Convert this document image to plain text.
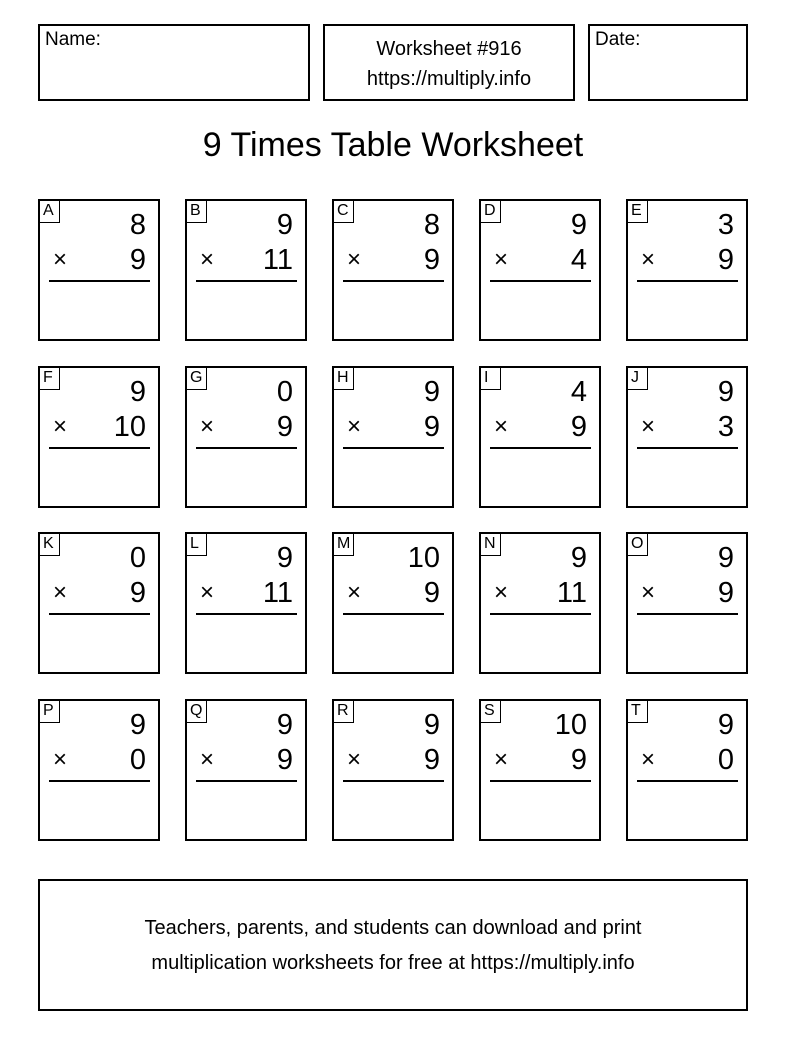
Name:	Worksheet #916
https://multiply.info
Date:
9 Times Table Worksheet
A	8
× 9
B	9
× 11
C	8
× 9
D	9
× 4
E	3
× 9
F	9
× 10
G	0
× 9
H	9
× 9
I	4
× 9
J	9
× 3
K	0
× 9
L	9
× 11
M 10
× 9
N	9
× 11
O	9
× 9
P	9
× 0
Q	9
× 9
R	9
× 9
S 10
× 9
T	9
× 0
Teachers, parents, and students can download and print
multiplication worksheets for free at https://multiply.info
